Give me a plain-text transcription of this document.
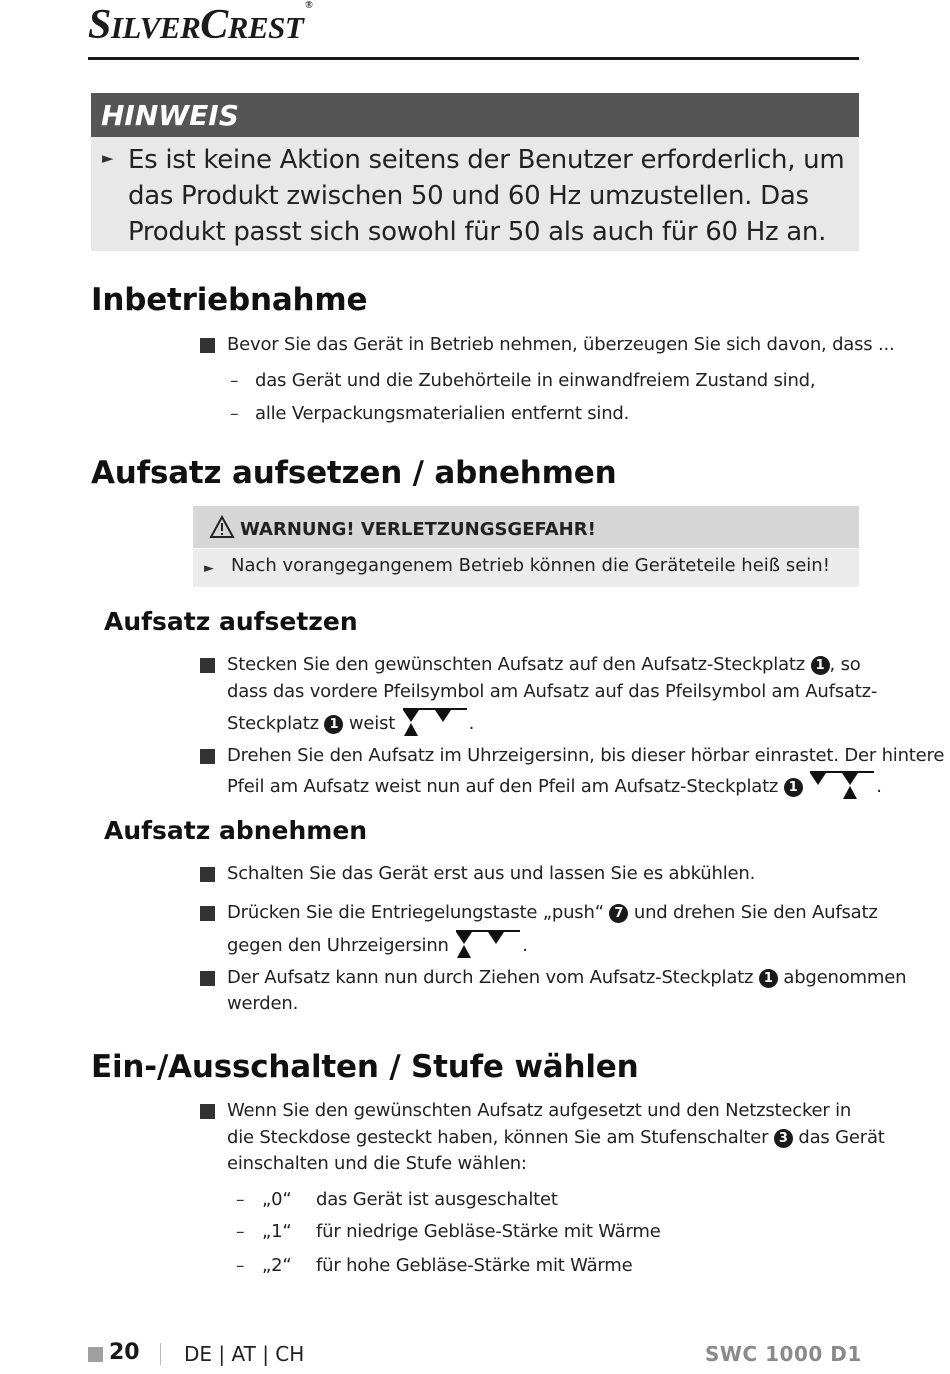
SILVERCREST®
HINWEIS
► Es ist keine Aktion seitens der Benutzer erforderlich, um das Produkt zwischen 50 und 60 Hz umzustellen. Das Produkt passt sich sowohl für 50 als auch für 60 Hz an.
Inbetriebnahme
Bevor Sie das Gerät in Betrieb nehmen, überzeugen Sie sich davon, dass ...
– das Gerät und die Zubehörteile in einwandfreiem Zustand sind,
– alle Verpackungsmaterialien entfernt sind.
Aufsatz aufsetzen / abnehmen
WARNUNG! VERLETZUNGSGEFAHR!
► Nach vorangegangenem Betrieb können die Geräteteile heiß sein!
Aufsatz aufsetzen
Stecken Sie den gewünschten Aufsatz auf den Aufsatz-Steckplatz 1 , so
dass das vordere Pfeilsymbol am Aufsatz auf das Pfeilsymbol am Aufsatz-
Steckplatz 1 weist	.
Drehen Sie den Aufsatz im Uhrzeigersinn, bis dieser hörbar einrastet. Der hintere
Pfeil am Aufsatz weist nun auf den Pfeil am Aufsatz-Steckplatz 1	.
Aufsatz abnehmen
Schalten Sie das Gerät erst aus und lassen Sie es abkühlen.
Drücken Sie die Entriegelungstaste „push“ 7 und drehen Sie den Aufsatz
gegen den Uhrzeigersinn	.
Der Aufsatz kann nun durch Ziehen vom Aufsatz-Steckplatz 1 abgenommen
werden.
Ein-/Ausschalten / Stufe wählen
Wenn Sie den gewünschten Aufsatz aufgesetzt und den Netzstecker in
die Steckdose gesteckt haben, können Sie am Stufenschalter 3 das Gerät
einschalten und die Stufe wählen:
– „0“ das Gerät ist ausgeschaltet
– „1“ für niedrige Gebläse-Stärke mit Wärme
– „2“ für hohe Gebläse-Stärke mit Wärme
20 DE | AT | CH	SWC 1000 D1
